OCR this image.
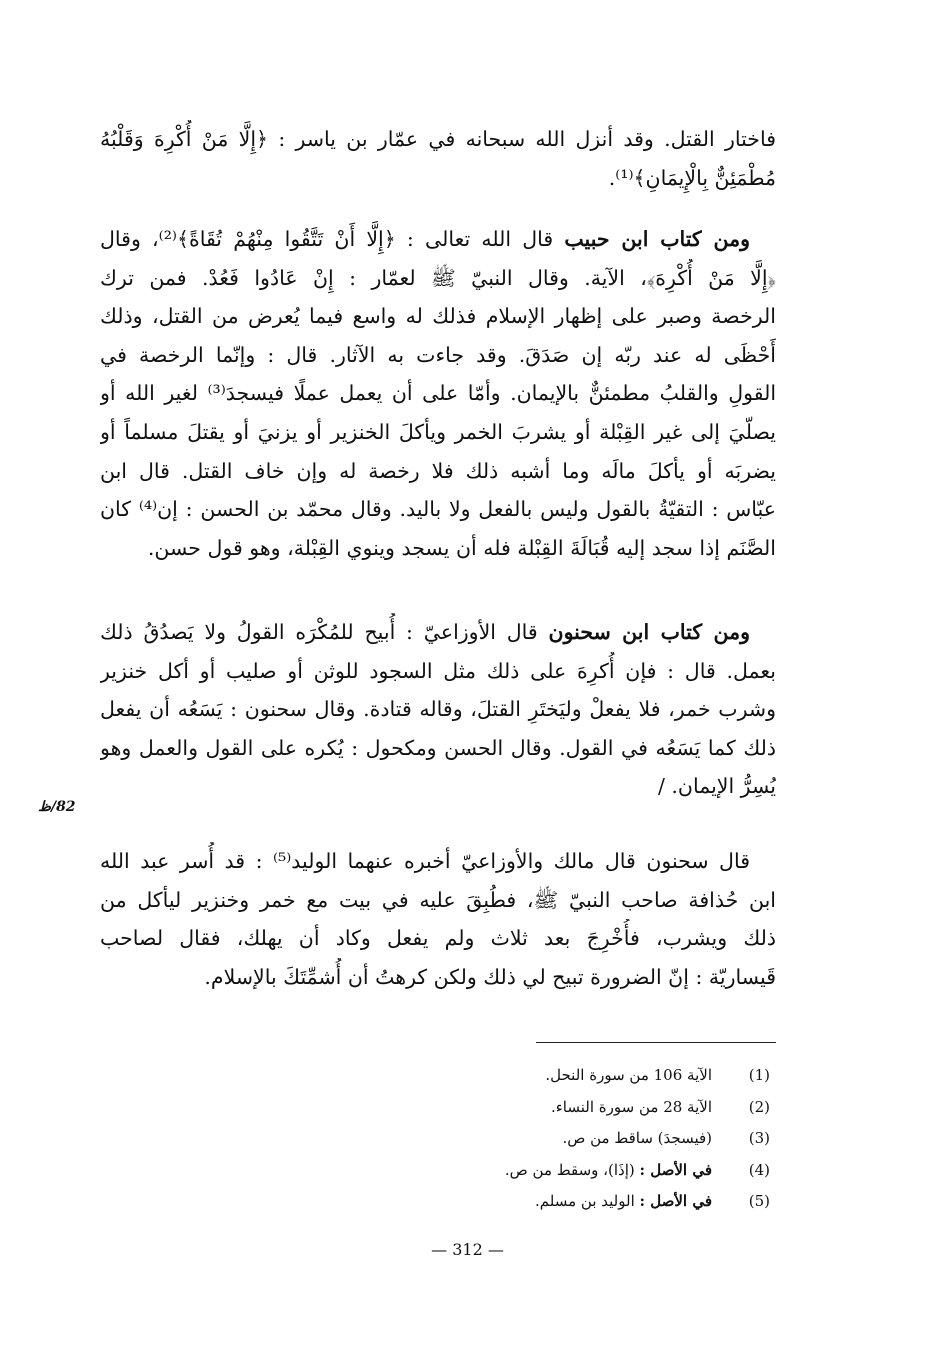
فاختار القتل. وقد أنزل الله سبحانه في عمّار بن ياسر : ﴿إِلَّا مَنْ أُكْرِهَ وَقَلْبُهُ
مُطْمَئِنٌّ بِالْإِيمَانِ﴾⁽¹⁾.
ومن كتاب ابن حبيب قال الله تعالى : ﴿إِلَّا أَنْ تَتَّقُوا مِنْهُمْ تُقَاةً﴾⁽²⁾، وقال
﴿إِلَّا مَنْ أُكْرِهَ﴾، الآية. وقال النبيّ ﷺ لعمّار : إِنْ عَادُوا فَعُدْ. فمن ترك
الرخصة وصبر على إظهار الإسلام فذلك له واسع فيما يُعرض من القتل، وذلك
أَحْظَى له عند ربّه إن صَدَقَ. وقد جاءت به الآثار. قال : وإنّما الرخصة في
القولِ والقلبُ مطمئنٌّ بالإيمان. وأمّا على أن يعمل عملًا فيسجدَ⁽³⁾ لغير الله أو
يصلّيَ إلى غير القِبْلة أو يشربَ الخمر ويأكلَ الخنزير أو يزنيَ أو يقتلَ مسلماً أو
يضربَه أو يأكلَ مالَه وما أشبه ذلك فلا رخصة له وإن خاف القتل. قال ابن
عبّاس : التقيّةُ بالقول وليس بالفعل ولا باليد. وقال محمّد بن الحسن : إن⁽⁴⁾ كان
الصَّنَم إذا سجد إليه قُبَالَةَ القِبْلة فله أن يسجد وينوي القِبْلة، وهو قول حسن.
ومن كتاب ابن سحنون قال الأوزاعيّ : أُبيح للمُكْرَه القولُ ولا يَصدُقُ ذلك
بعمل. قال : فإن أُكرِهَ على ذلك مثل السجود للوثن أو صليب أو أكل خنزير
وشرب خمر، فلا يفعلْ وليَختَرِ القتلَ، وقاله قتادة. وقال سحنون : يَسَعُه أن يفعل
ذلك كما يَسَعُه في القول. وقال الحسن ومكحول : يُكره على القول والعمل وهو
يُسِرُّ الإيمان. /
82/ظ
قال سحنون قال مالك والأوزاعيّ أخبره عنهما الوليد⁽⁵⁾ : قد أُسر عبد الله
ابن حُذافة صاحب النبيّ ﷺ، فطُبِقَ عليه في بيت مع خمر وخنزير ليأكل من
ذلك ويشرب، فأُخْرِجَ بعد ثلاث ولم يفعل وكاد أن يهلك، فقال لصاحب
قَيساريّة : إنّ الضرورة تبيح لي ذلك ولكن كرهتُ أن أُشمِّتَكَ بالإسلام.
(1)
الآية 106 من سورة النحل.
(2)
الآية 28 من سورة النساء.
(3)
(فيسجدَ) ساقط من ص.
(4)
في الأصل : (إذَا)، وسقط من ص.
(5)
في الأصل : الوليد بن مسلم.
— 312 —
